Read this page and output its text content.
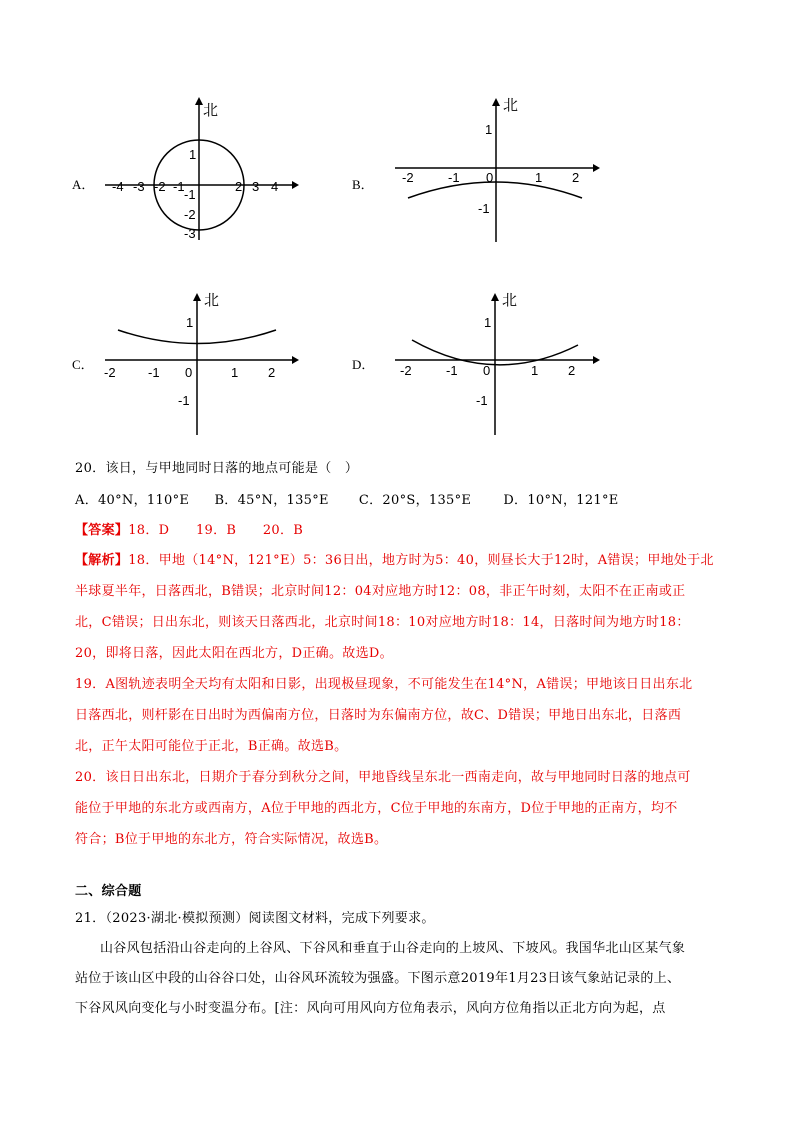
A．
北
-4 -3 -2 -1	2 3 4
1
-1
-2
-3
B．
北
-2	-1 0	1 2
1
-1
C．
北
-2 -1 0	1 2
1
-1
D．
北
-2	-1 0	1 2
1
-1
20．该日，与甲地同时日落的地点可能是（　）
A．40°N，110°E B．45°N，135°E C．20°S，135°E D．10°N，121°E
【答案】18．D　　19．B　　20．B
【解析】18．甲地（14°N，121°E）5：36日出，地方时为5：40，则昼长大于12时，A错误；甲地处于北
半球夏半年，日落西北，B错误；北京时间12：04对应地方时12：08，非正午时刻，太阳不在正南或正
北，C错误；日出东北，则该天日落西北，北京时间18：10对应地方时18：14，日落时间为地方时18：
20，即将日落，因此太阳在西北方，D正确。故选D。
19．A图轨迹表明全天均有太阳和日影，出现极昼现象，不可能发生在14°N，A错误；甲地该日日出东北
日落西北，则杆影在日出时为西偏南方位，日落时为东偏南方位，故C、D错误；甲地日出东北，日落西
北，正午太阳可能位于正北，B正确。故选B。
20．该日日出东北，日期介于春分到秋分之间，甲地昏线呈东北一西南走向，故与甲地同时日落的地点可
能位于甲地的东北方或西南方，A位于甲地的西北方，C位于甲地的东南方，D位于甲地的正南方，均不
符合；B位于甲地的东北方，符合实际情况，故选B。
二、综合题
21．（2023·湖北·模拟预测）阅读图文材料，完成下列要求。
山谷风包括沿山谷走向的上谷风、下谷风和垂直于山谷走向的上坡风、下坡风。我国华北山区某气象
站位于该山区中段的山谷谷口处，山谷风环流较为强盛。下图示意2019年1月23日该气象站记录的上、
下谷风风向变化与小时变温分布。[注：风向可用风向方位角表示，风向方位角指以正北方向为起，点
